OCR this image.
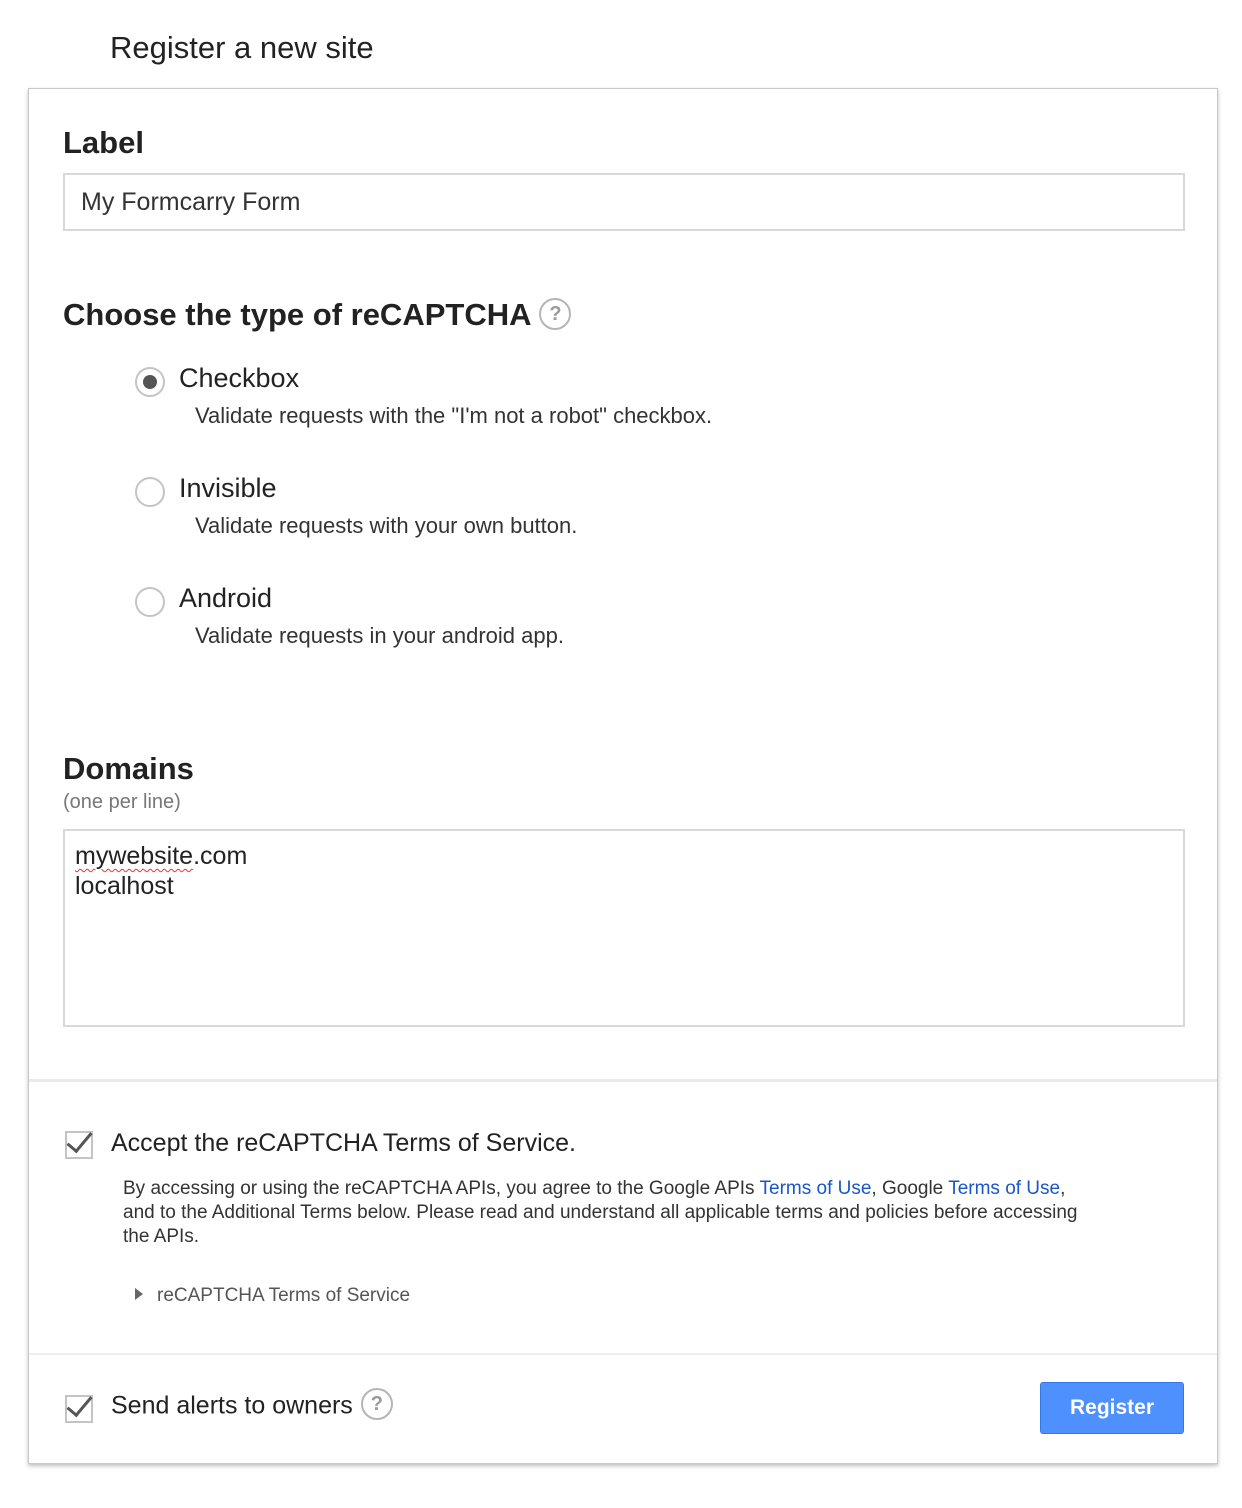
Register a new site
Label
My Formcarry Form
Choose the type of reCAPTCHA ?
Checkbox
Validate requests with the "I'm not a robot" checkbox.
Invisible
Validate requests with your own button.
Android
Validate requests in your android app.
Domains
(one per line)
mywebsite.com
localhost
Accept the reCAPTCHA Terms of Service.
By accessing or using the reCAPTCHA APIs, you agree to the Google APIs Terms of Use, Google Terms of Use, and to the Additional Terms below. Please read and understand all applicable terms and policies before accessing the APIs.
reCAPTCHA Terms of Service
Send alerts to owners ?	Register
